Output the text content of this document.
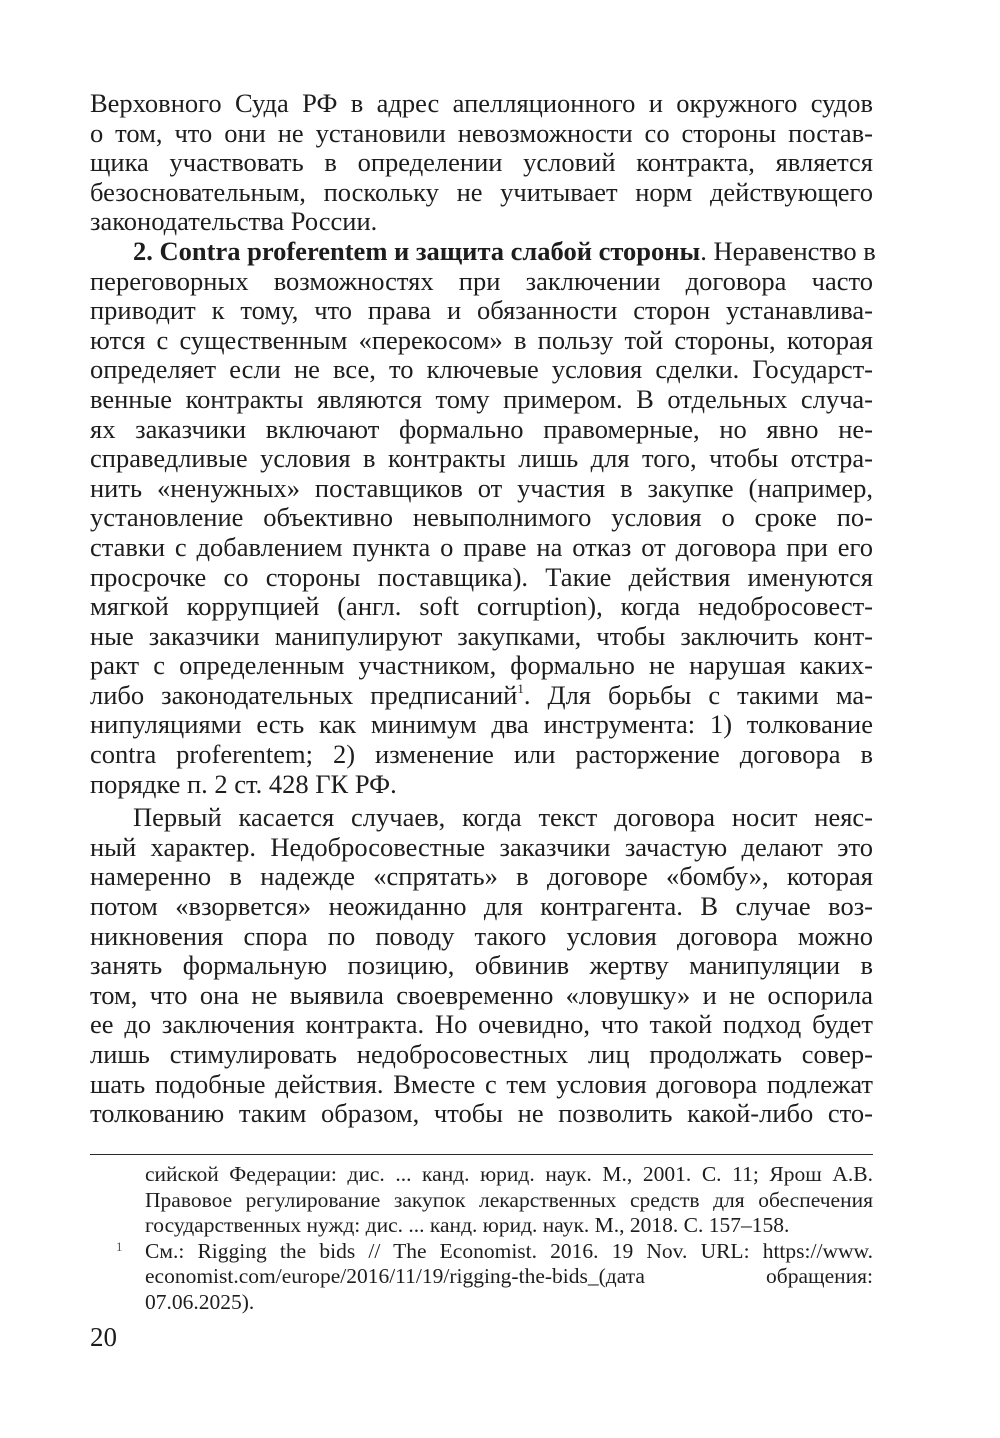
Верховного Суда РФ в адрес апелляционного и окружного судов
о том, что они не установили невозможности со стороны постав-
щика участвовать в определении условий контракта, является
безосновательным, поскольку не учитывает норм действующего
законодательства России.
2. Contra proferentem и защита слабой стороны. Неравенство в
переговорных возможностях при заключении договора часто
приводит к тому, что права и обязанности сторон устанавлива-
ются с существенным «перекосом» в пользу той стороны, которая
определяет если не все, то ключевые условия сделки. Государст-
венные контракты являются тому примером. В отдельных случа-
ях заказчики включают формально правомерные, но явно не-
справедливые условия в контракты лишь для того, чтобы отстра-
нить «ненужных» поставщиков от участия в закупке (например,
установление объективно невыполнимого условия о сроке по-
ставки с добавлением пункта о праве на отказ от договора при его
просрочке со стороны поставщика). Такие действия именуются
мягкой коррупцией (англ. soft corruption), когда недобросовест-
ные заказчики манипулируют закупками, чтобы заключить конт-
ракт с определенным участником, формально не нарушая каких-
либо законодательных предписаний$^1$. Для борьбы с такими ма-
нипуляциями есть как минимум два инструмента: 1) толкование
contra proferentem; 2) изменение или расторжение договора в
порядке п. 2 ст. 428 ГК РФ.
Первый касается случаев, когда текст договора носит неяс-
ный характер. Недобросовестные заказчики зачастую делают это
намеренно в надежде «спрятать» в договоре «бомбу», которая
потом «взорвется» неожиданно для контрагента. В случае воз-
никновения спора по поводу такого условия договора можно
занять формальную позицию, обвинив жертву манипуляции в
том, что она не выявила своевременно «ловушку» и не оспорила
ее до заключения контракта. Но очевидно, что такой подход будет
лишь стимулировать недобросовестных лиц продолжать совер-
шать подобные действия. Вместе с тем условия договора подлежат
толкованию таким образом, чтобы не позволить какой-либо сто-
1
сийской Федерации: дис. ... канд. юрид. наук. М., 2001. С. 11; Ярош А.В.
Правовое регулирование закупок лекарственных средств для обеспечения
государственных нужд: дис. ... канд. юрид. наук. М., 2018. С. 157–158.
См.: Rigging the bids // The Economist. 2016. 19 Nov. URL: https://www.
economist.com/europe/2016/11/19/rigging-the-bids_(дата обращения:
07.06.2025).
20
